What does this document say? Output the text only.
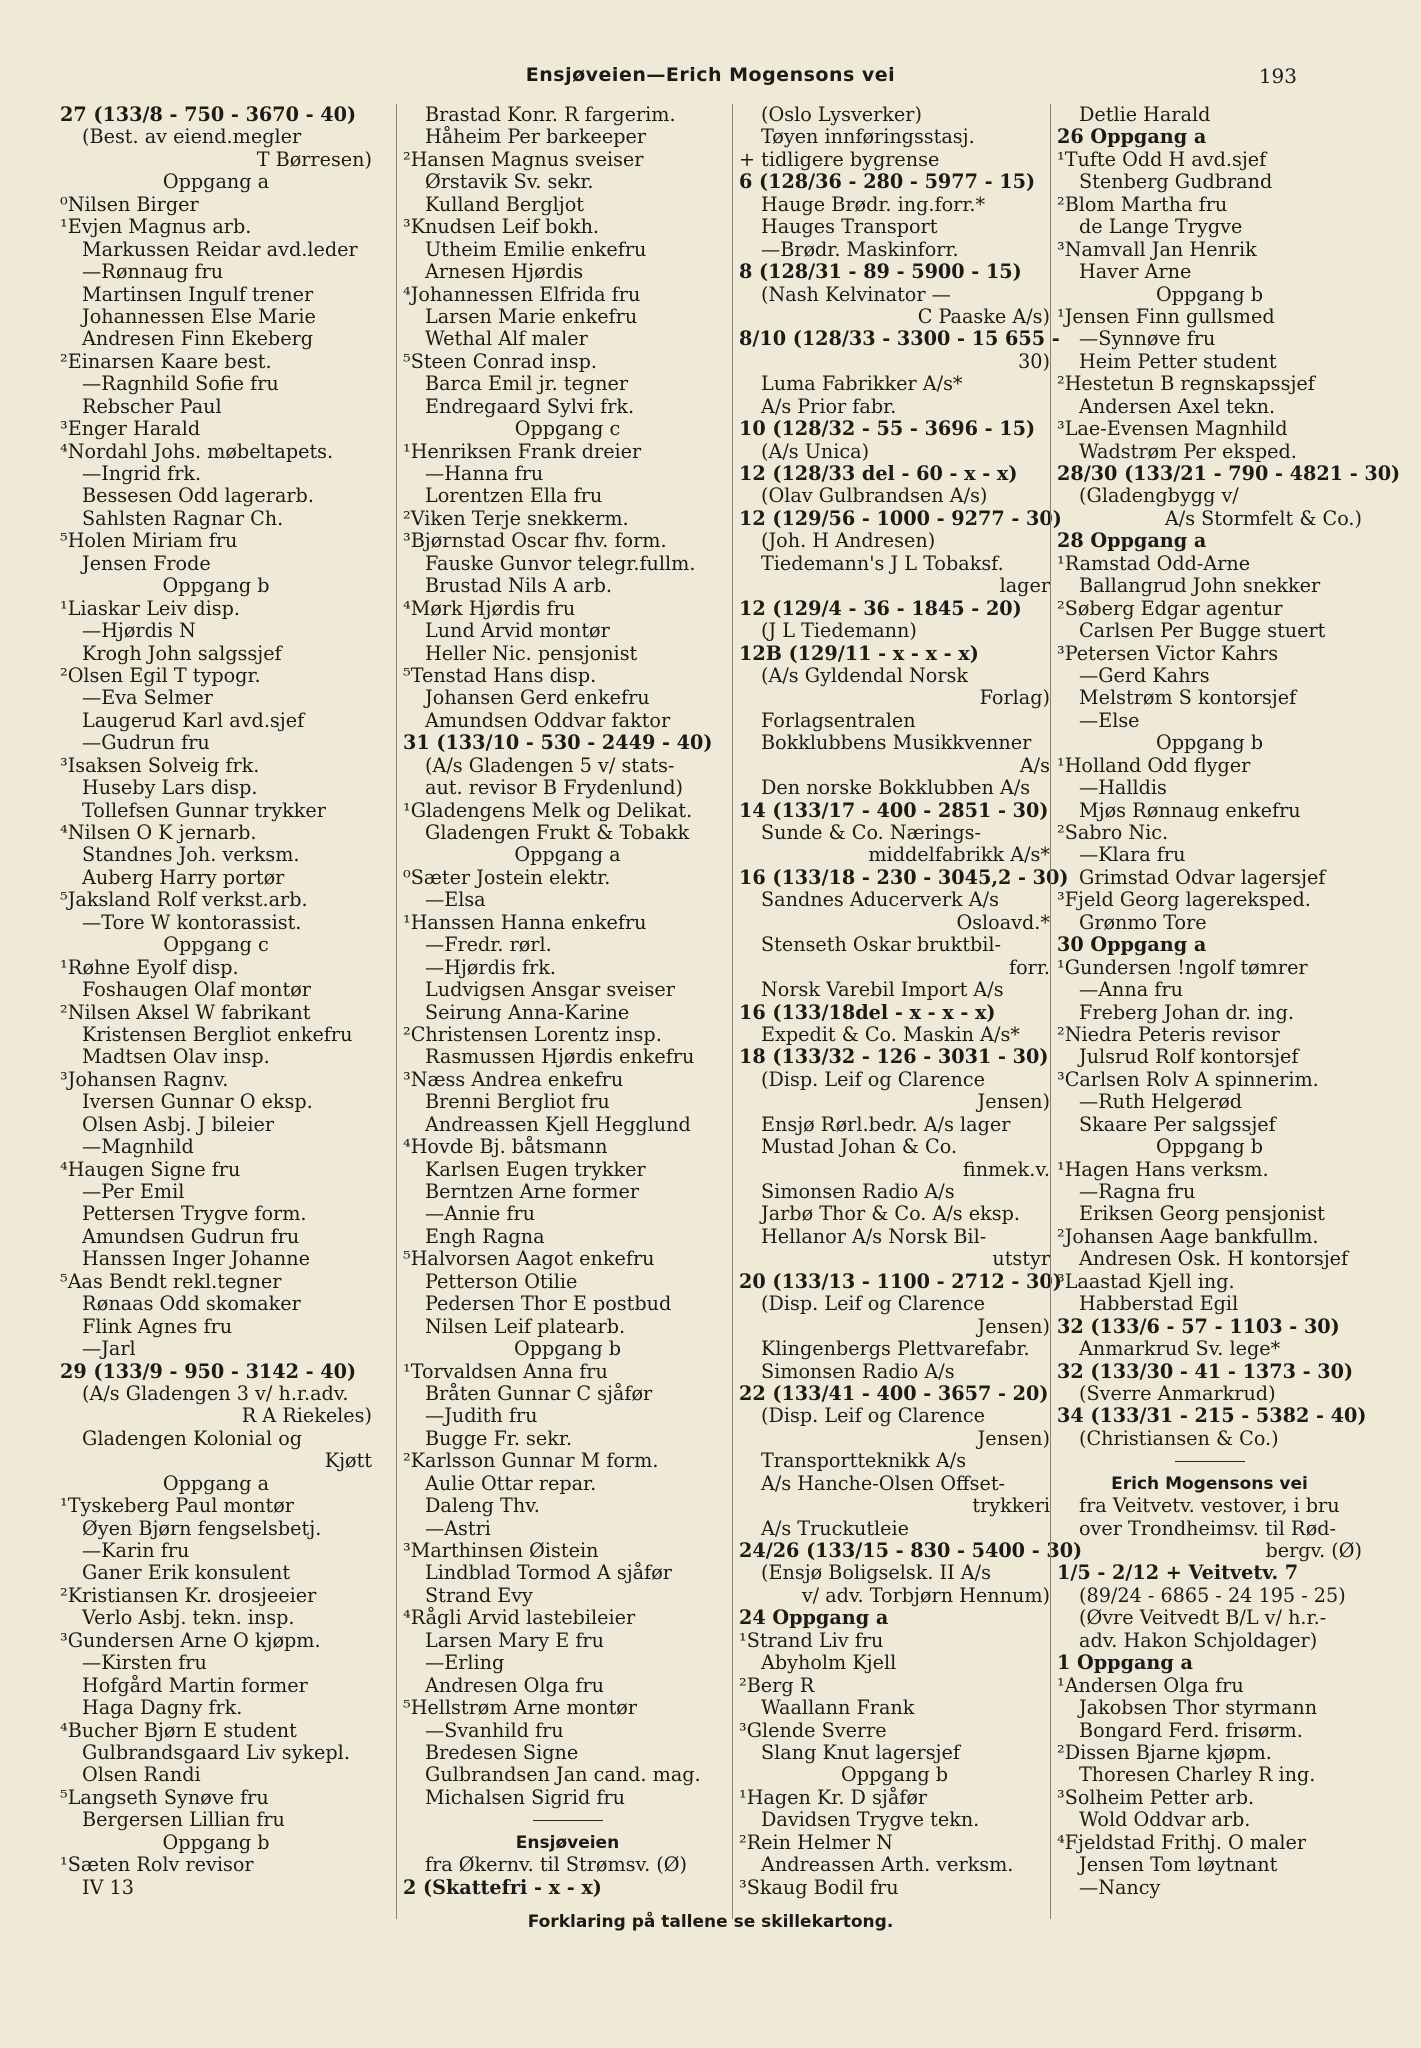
Ensjøveien—Erich Mogensons vei	193
27 (133/8 - 750 - 3670 - 40)
(Best. av eiend.megler
T Børresen)
Oppgang a
⁰Nilsen Birger
¹Evjen Magnus arb.
Markussen Reidar avd.leder
—Rønnaug fru
Martinsen Ingulf trener
Johannessen Else Marie
Andresen Finn Ekeberg
²Einarsen Kaare best.
—Ragnhild Sofie fru
Rebscher Paul
³Enger Harald
⁴Nordahl Johs. møbeltapets.
—Ingrid frk.
Bessesen Odd lagerarb.
Sahlsten Ragnar Ch.
⁵Holen Miriam fru
Jensen Frode
Oppgang b
¹Liaskar Leiv disp.
—Hjørdis N
Krogh John salgssjef
²Olsen Egil T typogr.
—Eva Selmer
Laugerud Karl avd.sjef
—Gudrun fru
³Isaksen Solveig frk.
Huseby Lars disp.
Tollefsen Gunnar trykker
⁴Nilsen O K jernarb.
Standnes Joh. verksm.
Auberg Harry portør
⁵Jaksland Rolf verkst.arb.
—Tore W kontorassist.
Oppgang c
¹Røhne Eyolf disp.
Foshaugen Olaf montør
²Nilsen Aksel W fabrikant
Kristensen Bergliot enkefru
Madtsen Olav insp.
³Johansen Ragnv.
Iversen Gunnar O eksp.
Olsen Asbj. J bileier
—Magnhild
⁴Haugen Signe fru
—Per Emil
Pettersen Trygve form.
Amundsen Gudrun fru
Hanssen Inger Johanne
⁵Aas Bendt rekl.tegner
Rønaas Odd skomaker
Flink Agnes fru
—Jarl
29 (133/9 - 950 - 3142 - 40)
(A/s Gladengen 3 v/ h.r.adv.
R A Riekeles)
Gladengen Kolonial og
Kjøtt
Oppgang a
¹Tyskeberg Paul montør
Øyen Bjørn fengselsbetj.
—Karin fru
Ganer Erik konsulent
²Kristiansen Kr. drosjeeier
Verlo Asbj. tekn. insp.
³Gundersen Arne O kjøpm.
—Kirsten fru
Hofgård Martin former
Haga Dagny frk.
⁴Bucher Bjørn E student
Gulbrandsgaard Liv sykepl.
Olsen Randi
⁵Langseth Synøve fru
Bergersen Lillian fru
Oppgang b
¹Sæten Rolv revisor
IV 13
Brastad Konr. R fargerim.
Håheim Per barkeeper
²Hansen Magnus sveiser
Ørstavik Sv. sekr.
Kulland Bergljot
³Knudsen Leif bokh.
Utheim Emilie enkefru
Arnesen Hjørdis
⁴Johannessen Elfrida fru
Larsen Marie enkefru
Wethal Alf maler
⁵Steen Conrad insp.
Barca Emil jr. tegner
Endregaard Sylvi frk.
Oppgang c
¹Henriksen Frank dreier
—Hanna fru
Lorentzen Ella fru
²Viken Terje snekkerm.
³Bjørnstad Oscar fhv. form.
Fauske Gunvor telegr.fullm.
Brustad Nils A arb.
⁴Mørk Hjørdis fru
Lund Arvid montør
Heller Nic. pensjonist
⁵Tenstad Hans disp.
Johansen Gerd enkefru
Amundsen Oddvar faktor
31 (133/10 - 530 - 2449 - 40)
(A/s Gladengen 5 v/ stats-
aut. revisor B Frydenlund)
¹Gladengens Melk og Delikat.
Gladengen Frukt & Tobakk
Oppgang a
⁰Sæter Jostein elektr.
—Elsa
¹Hanssen Hanna enkefru
—Fredr. rørl.
—Hjørdis frk.
Ludvigsen Ansgar sveiser
Seirung Anna-Karine
²Christensen Lorentz insp.
Rasmussen Hjørdis enkefru
³Næss Andrea enkefru
Brenni Bergliot fru
Andreassen Kjell Hegglund
⁴Hovde Bj. båtsmann
Karlsen Eugen trykker
Berntzen Arne former
—Annie fru
Engh Ragna
⁵Halvorsen Aagot enkefru
Petterson Otilie
Pedersen Thor E postbud
Nilsen Leif platearb.
Oppgang b
¹Torvaldsen Anna fru
Bråten Gunnar C sjåfør
—Judith fru
Bugge Fr. sekr.
²Karlsson Gunnar M form.
Aulie Ottar repar.
Daleng Thv.
—Astri
³Marthinsen Øistein
Lindblad Tormod A sjåfør
Strand Evy
⁴Rågli Arvid lastebileier
Larsen Mary E fru
—Erling
Andresen Olga fru
⁵Hellstrøm Arne montør
—Svanhild fru
Bredesen Signe
Gulbrandsen Jan cand. mag.
Michalsen Sigrid fru
Ensjøveien
fra Økernv. til Strømsv. (Ø)
2 (Skattefri - x - x)
(Oslo Lysverker)
Tøyen innføringsstasj.
+ tidligere bygrense
6 (128/36 - 280 - 5977 - 15)
Hauge Brødr. ing.forr.*
Hauges Transport
—Brødr. Maskinforr.
8 (128/31 - 89 - 5900 - 15)
(Nash Kelvinator —
C Paaske A/s)
8/10 (128/33 - 3300 - 15 655 -
30)
Luma Fabrikker A/s*
A/s Prior fabr.
10 (128/32 - 55 - 3696 - 15)
(A/s Unica)
12 (128/33 del - 60 - x - x)
(Olav Gulbrandsen A/s)
12 (129/56 - 1000 - 9277 - 30)
(Joh. H Andresen)
Tiedemann's J L Tobaksf.
lager
12 (129/4 - 36 - 1845 - 20)
(J L Tiedemann)
12B (129/11 - x - x - x)
(A/s Gyldendal Norsk
Forlag)
Forlagsentralen
Bokklubbens Musikkvenner
A/s
Den norske Bokklubben A/s
14 (133/17 - 400 - 2851 - 30)
Sunde & Co. Nærings-
middelfabrikk A/s*
16 (133/18 - 230 - 3045,2 - 30)
Sandnes Aducerverk A/s
Osloavd.*
Stenseth Oskar bruktbil-
forr.
Norsk Varebil Import A/s
16 (133/18del - x - x - x)
Expedit & Co. Maskin A/s*
18 (133/32 - 126 - 3031 - 30)
(Disp. Leif og Clarence
Jensen)
Ensjø Rørl.bedr. A/s lager
Mustad Johan & Co.
finmek.v.
Simonsen Radio A/s
Jarbø Thor & Co. A/s eksp.
Hellanor A/s Norsk Bil-
utstyr
20 (133/13 - 1100 - 2712 - 30)
(Disp. Leif og Clarence
Jensen)
Klingenbergs Plettvarefabr.
Simonsen Radio A/s
22 (133/41 - 400 - 3657 - 20)
(Disp. Leif og Clarence
Jensen)
Transportteknikk A/s
A/s Hanche-Olsen Offset-
trykkeri
A/s Truckutleie
24/26 (133/15 - 830 - 5400 - 30)
(Ensjø Boligselsk. II A/s
v/ adv. Torbjørn Hennum)
24 Oppgang a
¹Strand Liv fru
Abyholm Kjell
²Berg R
Waallann Frank
³Glende Sverre
Slang Knut lagersjef
Oppgang b
¹Hagen Kr. D sjåfør
Davidsen Trygve tekn.
²Rein Helmer N
Andreassen Arth. verksm.
³Skaug Bodil fru
Detlie Harald
26 Oppgang a
¹Tufte Odd H avd.sjef
Stenberg Gudbrand
²Blom Martha fru
de Lange Trygve
³Namvall Jan Henrik
Haver Arne
Oppgang b
¹Jensen Finn gullsmed
—Synnøve fru
Heim Petter student
²Hestetun B regnskapssjef
Andersen Axel tekn.
³Lae-Evensen Magnhild
Wadstrøm Per eksped.
28/30 (133/21 - 790 - 4821 - 30)
(Gladengbygg v/
A/s Stormfelt & Co.)
28 Oppgang a
¹Ramstad Odd-Arne
Ballangrud John snekker
²Søberg Edgar agentur
Carlsen Per Bugge stuert
³Petersen Victor Kahrs
—Gerd Kahrs
Melstrøm S kontorsjef
—Else
Oppgang b
¹Holland Odd flyger
—Halldis
Mjøs Rønnaug enkefru
²Sabro Nic.
—Klara fru
Grimstad Odvar lagersjef
³Fjeld Georg lagereksped.
Grønmo Tore
30 Oppgang a
¹Gundersen !ngolf tømrer
—Anna fru
Freberg Johan dr. ing.
²Niedra Peteris revisor
Julsrud Rolf kontorsjef
³Carlsen Rolv A spinnerim.
—Ruth Helgerød
Skaare Per salgssjef
Oppgang b
¹Hagen Hans verksm.
—Ragna fru
Eriksen Georg pensjonist
²Johansen Aage bankfullm.
Andresen Osk. H kontorsjef
³Laastad Kjell ing.
Habberstad Egil
32 (133/6 - 57 - 1103 - 30)
Anmarkrud Sv. lege*
32 (133/30 - 41 - 1373 - 30)
(Sverre Anmarkrud)
34 (133/31 - 215 - 5382 - 40)
(Christiansen & Co.)
Erich Mogensons vei
fra Veitvetv. vestover, i bru
over Trondheimsv. til Rød-
bergv. (Ø)
1/5 - 2/12 + Veitvetv. 7
(89/24 - 6865 - 24 195 - 25)
(Øvre Veitvedt B/L v/ h.r.-
adv. Hakon Schjoldager)
1 Oppgang a
¹Andersen Olga fru
Jakobsen Thor styrmann
Bongard Ferd. frisørm.
²Dissen Bjarne kjøpm.
Thoresen Charley R ing.
³Solheim Petter arb.
Wold Oddvar arb.
⁴Fjeldstad Frithj. O maler
Jensen Tom løytnant
—Nancy
Forklaring på tallene se skillekartong.
